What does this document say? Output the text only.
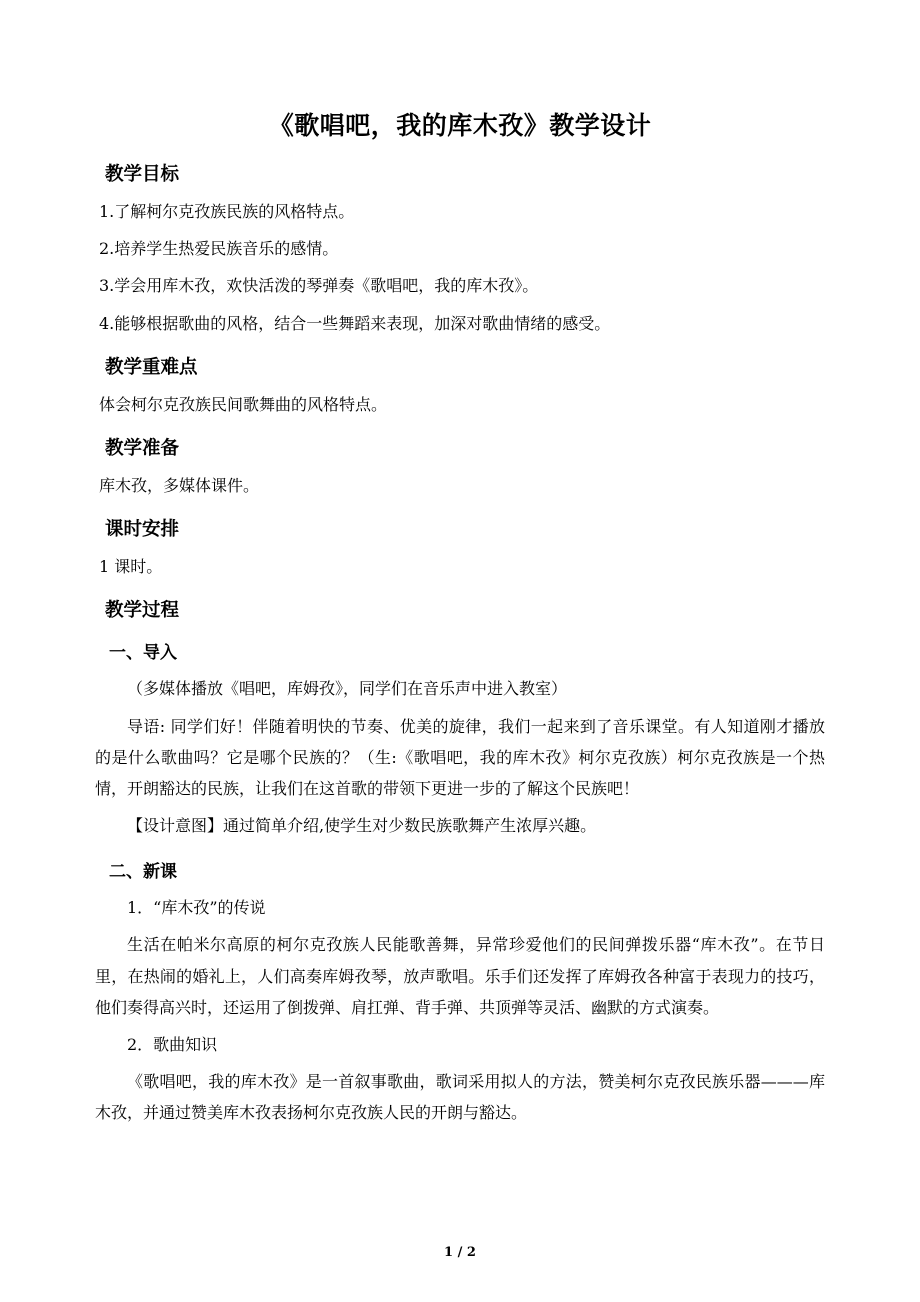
《歌唱吧，我的库木孜》教学设计
教学目标

1.了解柯尔克孜族民族的风格特点。

2.培养学生热爱民族音乐的感情。

3.学会用库木孜，欢快活泼的琴弹奏《歌唱吧，我的库木孜》。

4.能够根据歌曲的风格，结合一些舞蹈来表现，加深对歌曲情绪的感受。

教学重难点

体会柯尔克孜族民间歌舞曲的风格特点。

教学准备

库木孜，多媒体课件。

课时安排

1 课时。

教学过程
一、导入

（多媒体播放《唱吧，库姆孜》，同学们在音乐声中进入教室）

导语: 同学们好！伴随着明快的节奏、优美的旋律，我们一起来到了音乐课堂。有人知道刚才播放的是什么歌曲吗？它是哪个民族的？（生:《歌唱吧，我的库木孜》柯尔克孜族）柯尔克孜族是一个热情，开朗豁达的民族，让我们在这首歌的带领下更进一步的了解这个民族吧！

【设计意图】通过简单介绍,使学生对少数民族歌舞产生浓厚兴趣。

二、新课

1．“库木孜”的传说

生活在帕米尔高原的柯尔克孜族人民能歌善舞，异常珍爱他们的民间弹拨乐器“库木孜”。在节日里，在热闹的婚礼上，人们高奏库姆孜琴，放声歌唱。乐手们还发挥了库姆孜各种富于表现力的技巧，他们奏得高兴时，还运用了倒拨弹、肩扛弹、背手弹、共顶弹等灵活、幽默的方式演奏。

2．歌曲知识

《歌唱吧，我的库木孜》是一首叙事歌曲，歌词采用拟人的方法，赞美柯尔克孜民族乐器———库木孜，并通过赞美库木孜表扬柯尔克孜族人民的开朗与豁达。

1 / 2
